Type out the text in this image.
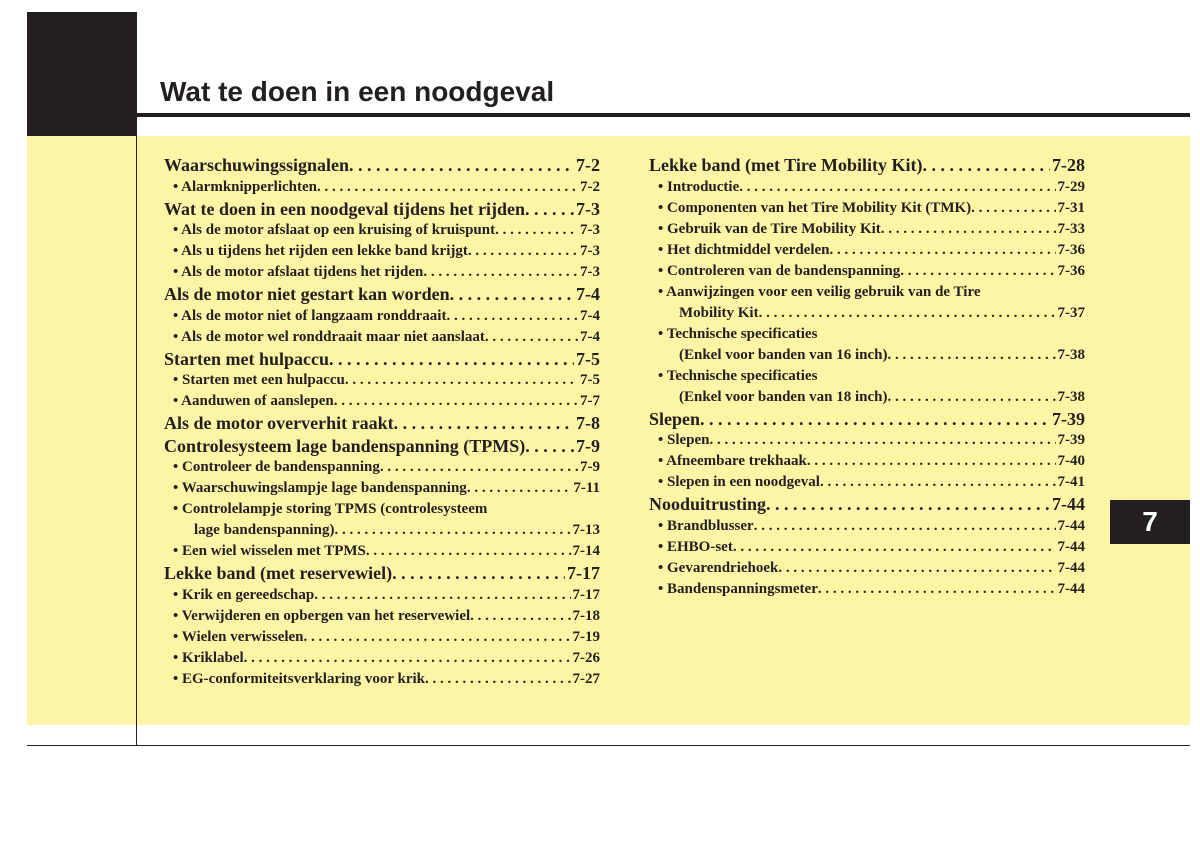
Wat te doen in een noodgeval
7
Waarschuwingssignalen . . .	7-2
• Alarmknipperlichten . . .	7-2
Wat te doen in een noodgeval tijdens het rijden . . .	7-3
• Als de motor afslaat op een kruising of kruispunt . . .	7-3
• Als u tijdens het rijden een lekke band krijgt . . .	7-3
• Als de motor afslaat tijdens het rijden . . .	7-3
Als de motor niet gestart kan worden . . .	7-4
• Als de motor niet of langzaam ronddraait . . .	7-4
• Als de motor wel ronddraait maar niet aanslaat . . .	7-4
Starten met hulpaccu . . .	7-5
• Starten met een hulpaccu . . .	7-5
• Aanduwen of aanslepen . . .	7-7
Als de motor oververhit raakt . . .	7-8
Controlesysteem lage bandenspanning (TPMS) . . .	7-9
• Controleer de bandenspanning . . .	7-9
• Waarschuwingslampje lage bandenspanning . . .	7-11
• Controlelampje storing TPMS (controlesysteem
lage bandenspanning) . . .	7-13
• Een wiel wisselen met TPMS . . .	7-14
Lekke band (met reservewiel) . . .	7-17
• Krik en gereedschap . . .	7-17
• Verwijderen en opbergen van het reservewiel . . .	7-18
• Wielen verwisselen . . .	7-19
• Kriklabel . . .	7-26
• EG-conformiteitsverklaring voor krik . . .	7-27
Lekke band (met Tire Mobility Kit) . . .	7-28
• Introductie . . .	7-29
• Componenten van het Tire Mobility Kit (TMK) . . .	7-31
• Gebruik van de Tire Mobility Kit . . .	7-33
• Het dichtmiddel verdelen . . .	7-36
• Controleren van de bandenspanning . . .	7-36
• Aanwijzingen voor een veilig gebruik van de Tire
Mobility Kit . . .	7-37
• Technische specificaties
(Enkel voor banden van 16 inch) . . .	7-38
• Technische specificaties
(Enkel voor banden van 18 inch) . . .	7-38
Slepen . . .	7-39
• Slepen . . .	7-39
• Afneembare trekhaak . . .	7-40
• Slepen in een noodgeval . . .	7-41
Nooduitrusting . . .	7-44
• Brandblusser . . .	7-44
• EHBO-set . . .	7-44
• Gevarendriehoek . . .	7-44
• Bandenspanningsmeter . . .	7-44
